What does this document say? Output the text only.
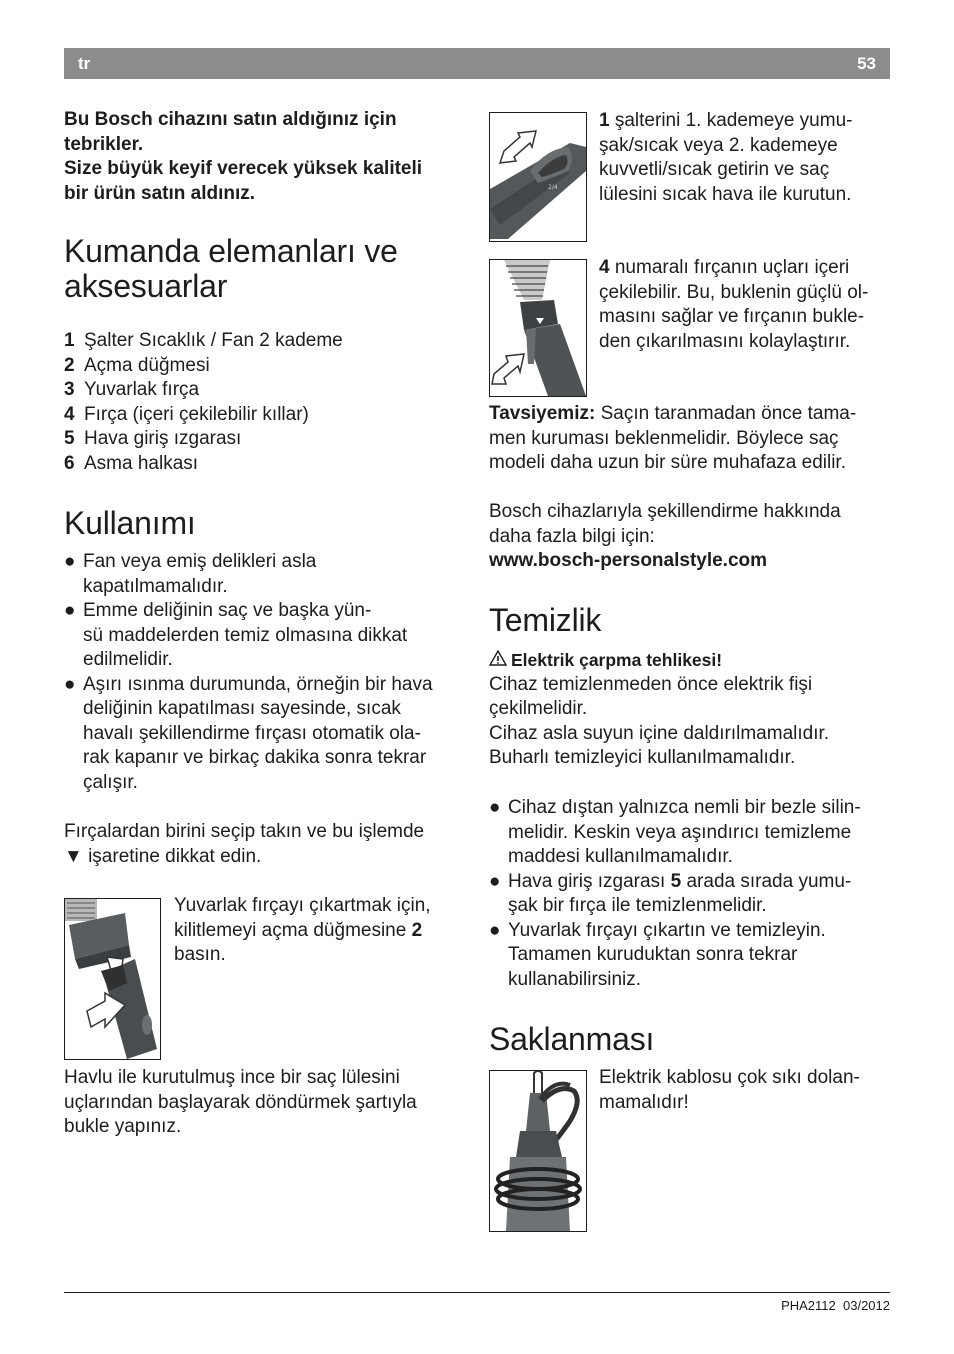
tr	53
Bu Bosch cihazını satın aldığınız için
tebrikler.
Size büyük keyif verecek yüksek kaliteli
bir ürün satın aldınız.
Kumanda elemanları ve
aksesuarlar
1 Şalter Sıcaklık / Fan 2 kademe
2 Açma düğmesi
3 Yuvarlak fırça
4 Fırça (içeri çekilebilir kıllar)
5 Hava giriş ızgarası
6 Asma halkası
Kullanımı
● Fan veya emiş delikleri asla
kapatılmamalıdır.
● Emme deliğinin saç ve başka yün-
sü maddelerden temiz olmasına dikkat
edilmelidir.
● Aşırı ısınma durumunda, örneğin bir hava
deliğinin kapatılması sayesinde, sıcak
havalı şekillendirme fırçası otomatik ola-
rak kapanır ve birkaç dakika sonra tekrar
çalışır.
Fırçalardan birini seçip takın ve bu işlemde
▼ işaretine dikkat edin.
Yuvarlak fırçayı çıkartmak için,
kilitlemeyi açma düğmesine 2
basın.
Havlu ile kurutulmuş ince bir saç lülesini
uçlarından başlayarak döndürmek şartıyla
bukle yapınız.
2/4
1 şalterini 1. kademeye yumu-
şak/sıcak veya 2. kademeye
kuvvetli/sıcak getirin ve saç
lülesini sıcak hava ile kurutun.
4 numaralı fırçanın uçları içeri
çekilebilir. Bu, buklenin güçlü ol-
masını sağlar ve fırçanın bukle-
den çıkarılmasını kolaylaştırır.
Tavsiyemiz: Saçın taranmadan önce tama-
men kuruması beklenmelidir. Böylece saç
modeli daha uzun bir süre muhafaza edilir.
Bosch cihazlarıyla şekillendirme hakkında
daha fazla bilgi için:
www.bosch-personalstyle.com
Temizlik
Elektrik çarpma tehlikesi!
Cihaz temizlenmeden önce elektrik fişi
çekilmelidir.
Cihaz asla suyun içine daldırılmamalıdır.
Buharlı temizleyici kullanılmamalıdır.
● Cihaz dıştan yalnızca nemli bir bezle silin-
melidir. Keskin veya aşındırıcı temizleme
maddesi kullanılmamalıdır.
● Hava giriş ızgarası 5 arada sırada yumu-
şak bir fırça ile temizlenmelidir.
● Yuvarlak fırçayı çıkartın ve temizleyin.
Tamamen kuruduktan sonra tekrar
kullanabilirsiniz.
Saklanması
Elektrik kablosu çok sıkı dolan-
mamalıdır!
PHA2112 03/2012
